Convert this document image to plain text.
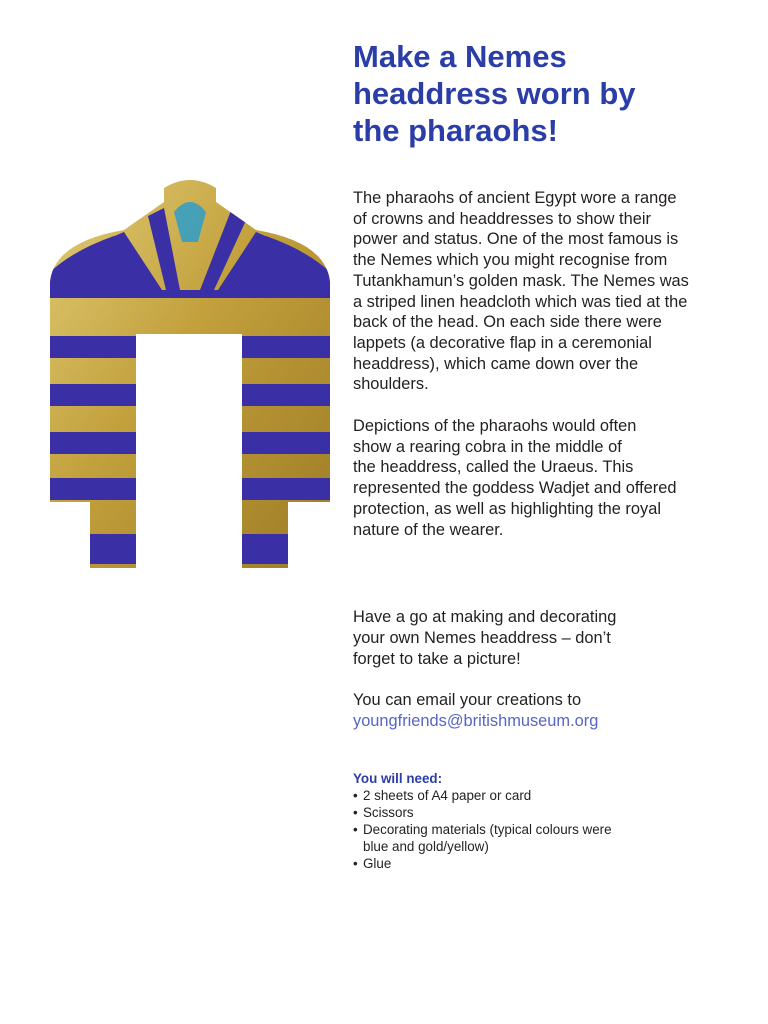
Make a Nemes
headdress worn by
the pharaohs!

The pharaohs of ancient Egypt wore a range
of crowns and headdresses to show their
power and status. One of the most famous is
the Nemes which you might recognise from
Tutankhamun’s golden mask. The Nemes was
a striped linen headcloth which was tied at the
back of the head. On each side there were
lappets (a decorative flap in a ceremonial
headdress), which came down over the
shoulders.

Depictions of the pharaohs would often
show a rearing cobra in the middle of
the headdress, called the Uraeus. This
represented the goddess Wadjet and offered
protection, as well as highlighting the royal
nature of the wearer.

Have a go at making and decorating
your own Nemes headdress – don’t
forget to take a picture!

You can email your creations to
youngfriends@britishmuseum.org

You will need:
• 2 sheets of A4 paper or card
• Scissors
• Decorating materials (typical colours were
blue and gold/yellow)
• Glue
